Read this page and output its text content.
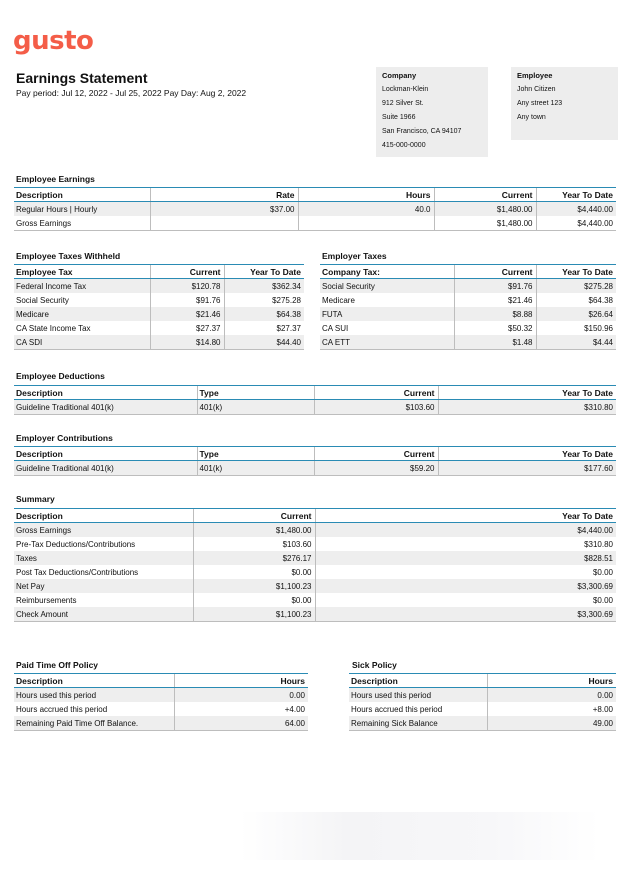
gusto
Earnings Statement
Pay period: Jul 12, 2022 - Jul 25, 2022 Pay Day: Aug 2, 2022
Company
Lockman-Klein
912 Silver St.
Suite 1966
San Francisco, CA 94107
415-000-0000
Employee
John Citizen
Any street 123
Any town
Employee Earnings
Description	Rate	Hours	Current	Year To Date
Regular Hours | Hourly	$37.00	40.0	$1,480.00	$4,440.00
Gross Earnings			$1,480.00	$4,440.00
Employee Taxes Withheld
Employee Tax	Current	Year To Date
Federal Income Tax	$120.78	$362.34
Social Security	$91.76	$275.28
Medicare	$21.46	$64.38
CA State Income Tax	$27.37	$27.37
CA SDI	$14.80	$44.40
Employer Taxes
Company Tax:	Current	Year To Date
Social Security	$91.76	$275.28
Medicare	$21.46	$64.38
FUTA	$8.88	$26.64
CA SUI	$50.32	$150.96
CA ETT	$1.48	$4.44
Employee Deductions
Description	Type	Current	Year To Date
Guideline Traditional 401(k)	401(k)	$103.60	$310.80
Employer Contributions
Description	Type	Current	Year To Date
Guideline Traditional 401(k)	401(k)	$59.20	$177.60
Summary
Description	Current	Year To Date
Gross Earnings	$1,480.00	$4,440.00
Pre-Tax Deductions/Contributions	$103.60	$310.80
Taxes	$276.17	$828.51
Post Tax Deductions/Contributions	$0.00	$0.00
Net Pay	$1,100.23	$3,300.69
Reimbursements	$0.00	$0.00
Check Amount	$1,100.23	$3,300.69
Paid Time Off Policy
Description	Hours
Hours used this period	0.00
Hours accrued this period	+4.00
Remaining Paid Time Off Balance.	64.00
Sick Policy
Description	Hours
Hours used this period	0.00
Hours accrued this period	+8.00
Remaining Sick Balance	49.00
